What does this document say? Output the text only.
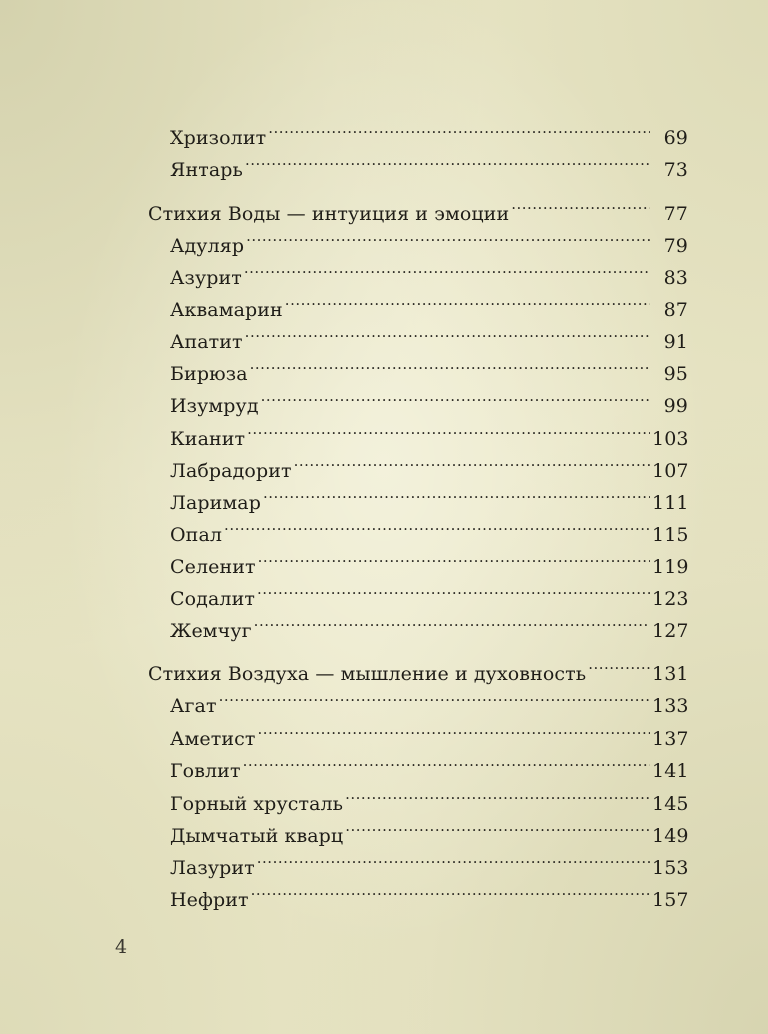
Хризолит .....	69
Янтарь .....	73
Стихия Воды — интуиция и эмоции .....	77
Адуляр .....	79
Азурит .....	83
Аквамарин .....	87
Апатит .....	91
Бирюза .....	95
Изумруд .....	99
Кианит .....	103
Лабрадорит .....	107
Ларимар .....	111
Опал .....	115
Селенит .....	119
Содалит .....	123
Жемчуг .....	127
Стихия Воздуха — мышление и духовность .....	131
Агат .....	133
Аметист .....	137
Говлит .....	141
Горный хрусталь .....	145
Дымчатый кварц .....	149
Лазурит .....	153
Нефрит .....	157
4
